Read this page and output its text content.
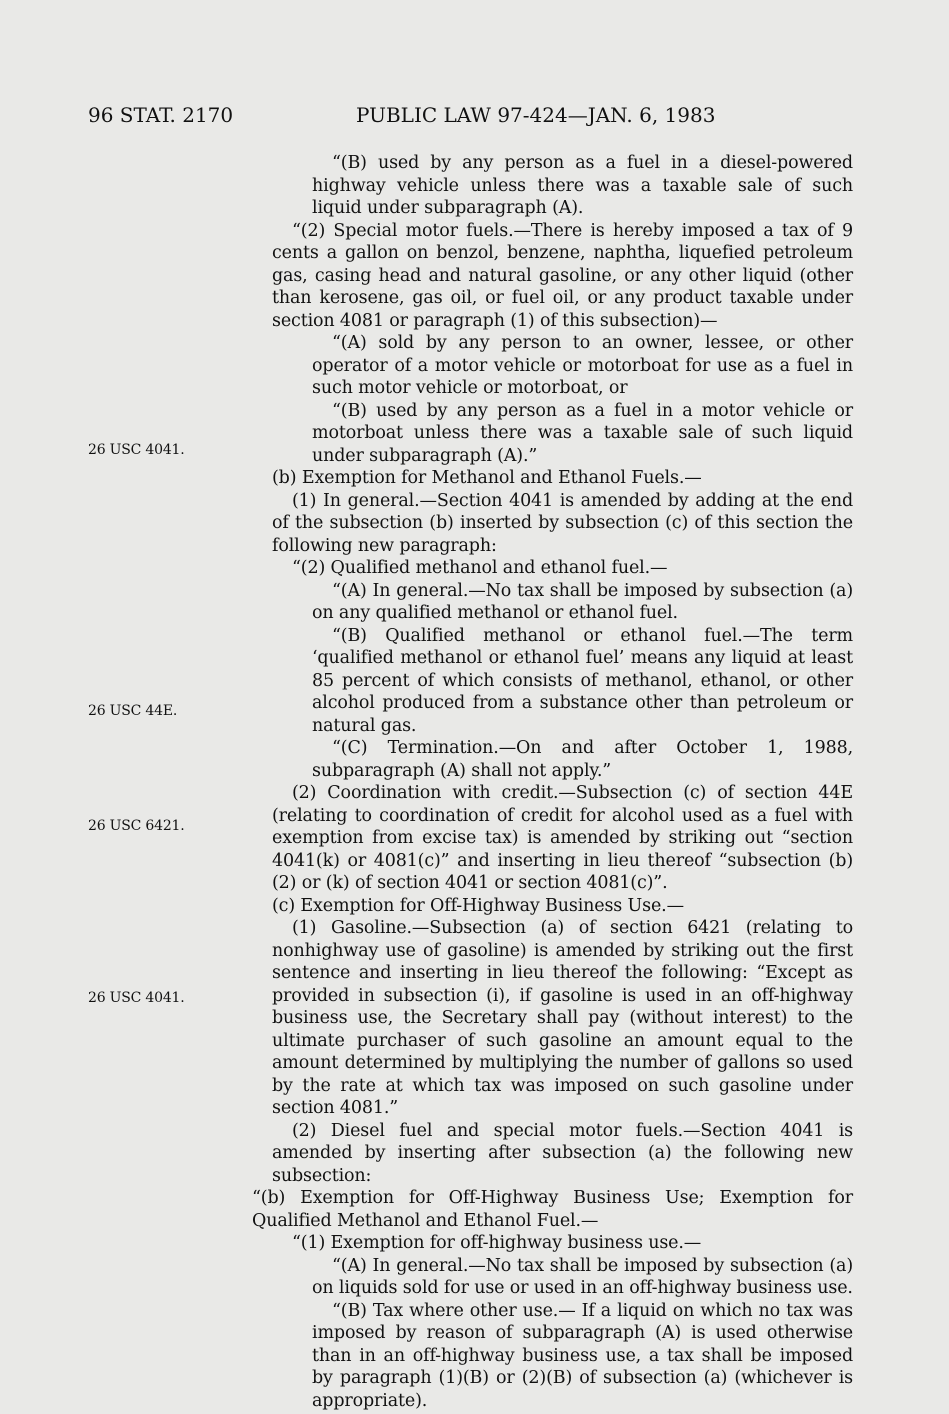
96 STAT. 2170	PUBLIC LAW 97-424—JAN. 6, 1983
26 USC 4041.
26 USC 44E.
26 USC 6421.
26 USC 4041.

“(B) used by any person as a fuel in a diesel-powered highway vehicle unless there was a taxable sale of such liquid under subparagraph (A).

“(2) Special motor fuels.—There is hereby imposed a tax of 9 cents a gallon on benzol, benzene, naphtha, liquefied petroleum gas, casing head and natural gasoline, or any other liquid (other than kerosene, gas oil, or fuel oil, or any product taxable under section 4081 or paragraph (1) of this subsection)—

“(A) sold by any person to an owner, lessee, or other operator of a motor vehicle or motorboat for use as a fuel in such motor vehicle or motorboat, or

“(B) used by any person as a fuel in a motor vehicle or motorboat unless there was a taxable sale of such liquid under subparagraph (A).”

(b) Exemption for Methanol and Ethanol Fuels.—

(1) In general.—Section 4041 is amended by adding at the end of the subsection (b) inserted by subsection (c) of this section the following new paragraph:

“(2) Qualified methanol and ethanol fuel.—

“(A) In general.—No tax shall be imposed by subsection (a) on any qualified methanol or ethanol fuel.

“(B) Qualified methanol or ethanol fuel.—The term ‘qualified methanol or ethanol fuel’ means any liquid at least 85 percent of which consists of methanol, ethanol, or other alcohol produced from a substance other than petroleum or natural gas.

“(C) Termination.—On and after October 1, 1988, subparagraph (A) shall not apply.”

(2) Coordination with credit.—Subsection (c) of section 44E (relating to coordination of credit for alcohol used as a fuel with exemption from excise tax) is amended by striking out “section 4041(k) or 4081(c)” and inserting in lieu thereof “subsection (b)(2) or (k) of section 4041 or section 4081(c)”.

(c) Exemption for Off-Highway Business Use.—

(1) Gasoline.—Subsection (a) of section 6421 (relating to nonhighway use of gasoline) is amended by striking out the first sentence and inserting in lieu thereof the following: “Except as provided in subsection (i), if gasoline is used in an off-highway business use, the Secretary shall pay (without interest) to the ultimate purchaser of such gasoline an amount equal to the amount determined by multiplying the number of gallons so used by the rate at which tax was imposed on such gasoline under section 4081.”

(2) Diesel fuel and special motor fuels.—Section 4041 is amended by inserting after subsection (a) the following new subsection:

“(b) Exemption for Off-Highway Business Use; Exemption for Qualified Methanol and Ethanol Fuel.—

“(1) Exemption for off-highway business use.—

“(A) In general.—No tax shall be imposed by subsection (a) on liquids sold for use or used in an off-highway business use.

“(B) Tax where other use.— If a liquid on which no tax was imposed by reason of subparagraph (A) is used otherwise than in an off-highway business use, a tax shall be imposed by paragraph (1)(B) or (2)(B) of subsection (a) (whichever is appropriate).
